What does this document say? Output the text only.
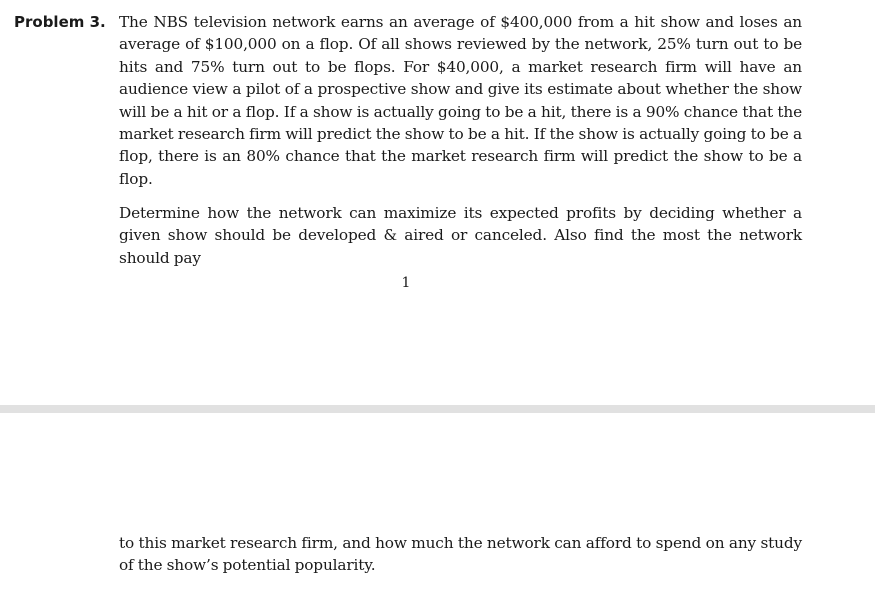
Problem 3. The NBS television network earns an average of $400,000 from a hit show and loses an average of $100,000 on a flop. Of all shows reviewed by the network, 25% turn out to be hits and 75% turn out to be flops. For $40,000, a market research firm will have an audience view a pilot of a prospective show and give its estimate about whether the show will be a hit or a flop. If a show is actually going to be a hit, there is a 90% chance that the market research firm will predict the show to be a hit. If the show is actually going to be a flop, there is an 80% chance that the market research firm will predict the show to be a flop.

Determine how the network can maximize its expected profits by deciding whether a given show should be developed & aired or canceled. Also find the most the network should pay

1

to this market research firm, and how much the network can afford to spend on any study of the show’s potential popularity.
